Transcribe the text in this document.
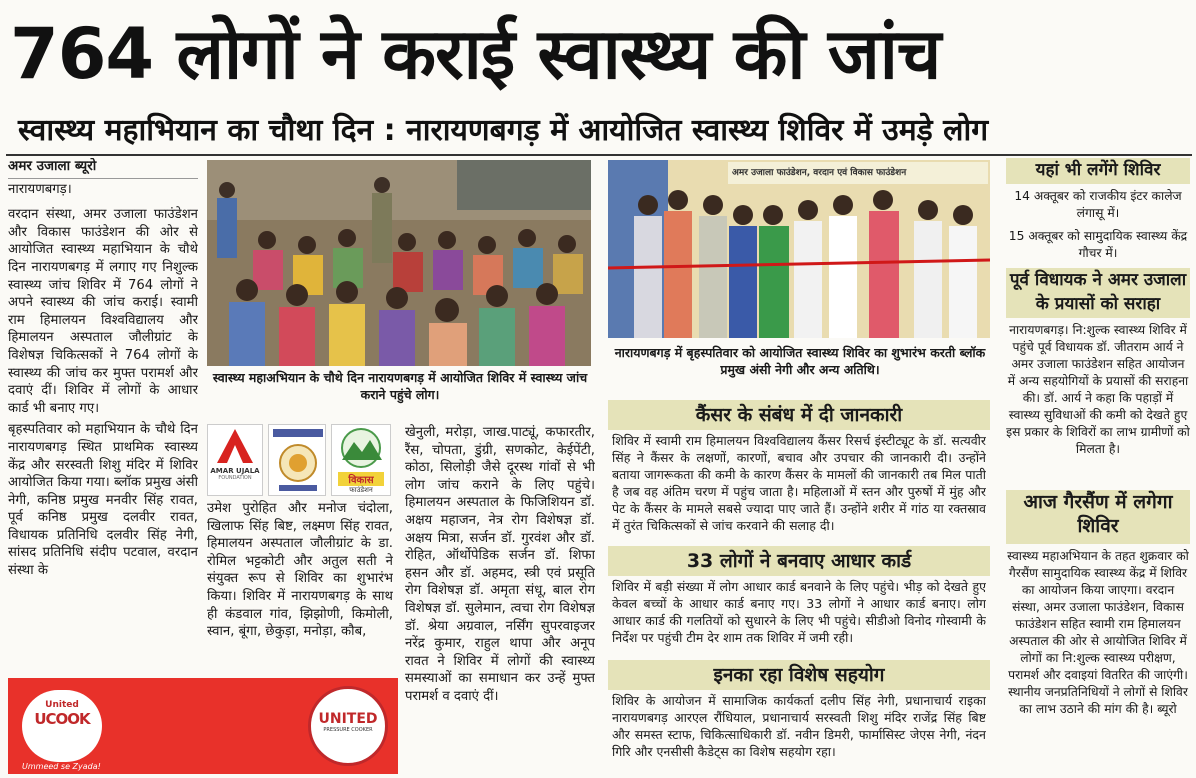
764 लोगों ने कराई स्वास्थ्य की जांच
स्वास्थ्य महाभियान का चौथा दिन : नारायणबगड़ में आयोजित स्वास्थ्य शिविर में उमड़े लोग
अमर उजाला ब्यूरो

नारायणबगड़।

वरदान संस्था, अमर उजाला फाउंडेशन और विकास फाउंडेशन की ओर से आयोजित स्वास्थ्य महाभियान के चौथे दिन नारायणबगड़ में लगाए गए निशुल्क स्वास्थ्य जांच शिविर में 764 लोगों ने अपने स्वास्थ्य की जांच कराई। स्वामी राम हिमालयन विश्वविद्यालय और हिमालयन अस्पताल जौलीग्रांट के विशेषज्ञ चिकित्सकों ने 764 लोगों के स्वास्थ्य की जांच कर मुफ्त परामर्श और दवाएं दीं। शिविर में लोगों के आधार कार्ड भी बनाए गए।

बृहस्पतिवार को महाभियान के चौथे दिन नारायणबगड़ स्थित प्राथमिक स्वास्थ्य केंद्र और सरस्वती शिशु मंदिर में शिविर आयोजित किया गया। ब्लॉक प्रमुख अंसी नेगी, कनिष्ठ प्रमुख मनवीर सिंह रावत, पूर्व कनिष्ठ प्रमुख दलवीर रावत, विधायक प्रतिनिधि दलवीर सिंह नेगी, सांसद प्रतिनिधि संदीप पटवाल, वरदान संस्था के

स्वास्थ्य महाअभियान के चौथे दिन नारायणबगड़ में आयोजित शिविर में स्वास्थ्य जांच कराने पहुंचे लोग।
अमर उजाला फाउंडेशन, वरदान एवं विकास फाउंडेशन
नारायणबगड़ में बृहस्पतिवार को आयोजित स्वास्थ्य शिविर का शुभारंभ करती ब्लॉक प्रमुख अंसी नेगी और अन्य अतिथि।
AMAR UJALA
FOUNDATION	विकास
फाउंडेशन

उमेश पुरोहित और मनोज चंदोला, खिलाफ सिंह बिष्ट, लक्ष्मण सिंह रावत, हिमालयन अस्पताल जौलीग्रांट के डा. रोमिल भट्टकोटी और अतुल सती ने संयुक्त रूप से शिविर का शुभारंभ किया। शिविर में नारायणबगड़ के साथ ही कंडवाल गांव, झिझोणी, किमोली, स्वान, बूंगा, छेकुड़ा, मनोड़ा, कौब,

खेनुली, मरोड़ा, जाख.पाट्यूं, कफारतीर, रैंस, चोपता, डुंग्री, सणकोट, केईपेंटी, कोठा, सिलोड़ी जैसे दूरस्थ गांवों से भी लोग जांच कराने के लिए पहुंचे। हिमालयन अस्पताल के फिजिशियन डॉ. अक्षय महाजन, नेत्र रोग विशेषज्ञ डॉ. अक्षय मित्रा, सर्जन डॉ. गुरवंश और डॉ. रोहित, ऑर्थोपेडिक सर्जन डॉ. शिफा हसन और डॉ. अहमद, स्त्री एवं प्रसूति रोग विशेषज्ञ डॉ. अमृता संधू, बाल रोग विशेषज्ञ डॉ. सुलेमान, त्वचा रोग विशेषज्ञ डॉ. श्रेया अग्रवाल, नर्सिंग सुपरवाइजर नरेंद्र कुमार, राहुल थापा और अनूप रावत ने शिविर में लोगों की स्वास्थ्य समस्याओं का समाधान कर उन्हें मुफ्त परामर्श व दवाएं दीं।

कैंसर के संबंध में दी जानकारी
शिविर में स्वामी राम हिमालयन विश्वविद्यालय कैंसर रिसर्च इंस्टीट्यूट के डॉ. सत्यवीर सिंह ने कैंसर के लक्षणों, कारणों, बचाव और उपचार की जानकारी दी। उन्होंने बताया जागरूकता की कमी के कारण कैंसर के मामलों की जानकारी तब मिल पाती है जब वह अंतिम चरण में पहुंच जाता है। महिलाओं में स्तन और पुरुषों में मुंह और पेट के कैंसर के मामले सबसे ज्यादा पाए जाते हैं। उन्होंने शरीर में गांठ या रक्तस्राव में तुरंत चिकित्सकों से जांच करवाने की सलाह दी।
33 लोगों ने बनवाए आधार कार्ड
शिविर में बड़ी संख्या में लोग आधार कार्ड बनवाने के लिए पहुंचे। भीड़ को देखते हुए केवल बच्चों के आधार कार्ड बनाए गए। 33 लोगों ने आधार कार्ड बनाए। लोग आधार कार्ड की गलतियों को सुधारने के लिए भी पहुंचे। सीडीओ विनोद गोस्वामी के निर्देश पर पहुंची टीम देर शाम तक शिविर में जमी रही।
इनका रहा विशेष सहयोग
शिविर के आयोजन में सामाजिक कार्यकर्ता दलीप सिंह नेगी, प्रधानाचार्य राइका नारायणबगड़ आरएल रौंधियाल, प्रधानाचार्य सरस्वती शिशु मंदिर राजेंद्र सिंह बिष्ट और समस्त स्टाफ, चिकित्साधिकारी डॉ. नवीन डिमरी, फार्मासिस्ट जेएस नेगी, नंदन गिरि और एनसीसी कैडेट्स का विशेष सहयोग रहा।
यहां भी लगेंगे शिविर
14 अक्तूबर को राजकीय इंटर कालेज लंगासू में।
15 अक्तूबर को सामुदायिक स्वास्थ्य केंद्र गौचर में।
पूर्व विधायक ने अमर उजाला के प्रयासों को सराहा
नारायणबगड़। नि:शुल्क स्वास्थ्य शिविर में पहुंचे पूर्व विधायक डॉ. जीतराम आर्य ने अमर उजाला फाउंडेशन सहित आयोजन में अन्य सहयोगियों के प्रयासों की सराहना की। डॉ. आर्य ने कहा कि पहाड़ों में स्वास्थ्य सुविधाओं की कमी को देखते हुए इस प्रकार के शिविरों का लाभ ग्रामीणों को मिलता है।
आज गैरसैंण में लगेगा शिविर
स्वास्थ्य महाअभियान के तहत शुक्रवार को गैरसैंण सामुदायिक स्वास्थ्य केंद्र में शिविर का आयोजन किया जाएगा। वरदान संस्था, अमर उजाला फाउंडेशन, विकास फाउंडेशन सहित स्वामी राम हिमालयन अस्पताल की ओर से आयोजित शिविर में लोगों का नि:शुल्क स्वास्थ्य परीक्षण, परामर्श और दवाइयां वितरित की जाएंगी। स्थानीय जनप्रतिनिधियों ने लोगों से शिविर का लाभ उठाने की मांग की है। ब्यूरो
United
UCOOK
Ummeed se Zyada!
UNITED
PRESSURE COOKER
